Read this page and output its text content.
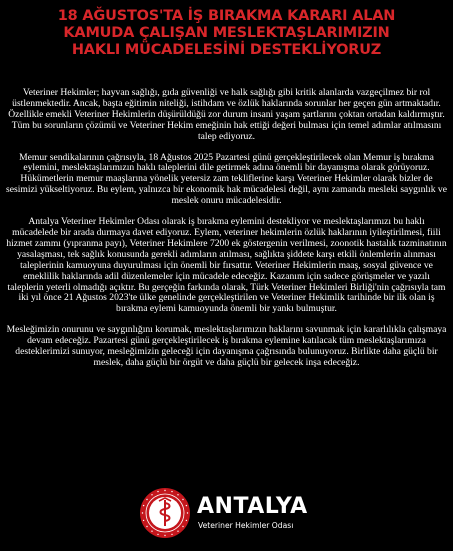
18 AĞUSTOS'TA İŞ BIRAKMA KARARI ALAN
KAMUDA ÇALIŞAN MESLEKTAŞLARIMIZIN
HAKLI MÜCADELESİNİ DESTEKLİYORUZ

Veteriner Hekimler; hayvan sağlığı, gıda güvenliği ve halk sağlığı gibi kritik alanlarda vazgeçilmez bir rol üstlenmektedir. Ancak, başta eğitimin niteliği, istihdam ve özlük haklarında sorunlar her geçen gün artmaktadır. Özellikle emekli Veteriner Hekimlerin düşürüldüğü zor durum insani yaşam şartlarını çoktan ortadan kaldırmıştır. Tüm bu sorunların çözümü ve Veteriner Hekim emeğinin hak ettiği değeri bulması için temel adımlar atılmasını talep ediyoruz.

Memur sendikalarının çağrısıyla, 18 Ağustos 2025 Pazartesi günü gerçekleştirilecek olan Memur iş bırakma eylemini, meslektaşlarımızın haklı taleplerini dile getirmek adına önemli bir dayanışma olarak görüyoruz. Hükümetlerin memur maaşlarına yönelik yetersiz zam tekliflerine karşı Veteriner Hekimler olarak bizler de sesimizi yükseltiyoruz. Bu eylem, yalnızca bir ekonomik hak mücadelesi değil, aynı zamanda mesleki saygınlık ve meslek onuru mücadelesidir.

Antalya Veteriner Hekimler Odası olarak iş bırakma eylemini destekliyor ve meslektaşlarımızı bu haklı mücadelede bir arada durmaya davet ediyoruz. Eylem, veteriner hekimlerin özlük haklarının iyileştirilmesi, fiili hizmet zammı (yıpranma payı), Veteriner Hekimlere 7200 ek göstergenin verilmesi, zoonotik hastalık tazminatının yasalaşması, tek sağlık konusunda gerekli adımların atılması, sağlıkta şiddete karşı etkili önlemlerin alınması taleplerinin kamuoyuna duyurulması için önemli bir fırsattır. Veteriner Hekimlerin maaş, sosyal güvence ve emeklilik haklarında adil düzenlemeler için mücadele edeceğiz. Kazanım için sadece görüşmeler ve yazılı taleplerin yeterli olmadığı açıktır. Bu gerçeğin farkında olarak, Türk Veteriner Hekimleri Birliği'nin çağrısıyla tam iki yıl önce 21 Ağustos 2023'te ülke genelinde gerçekleştirilen ve Veteriner Hekimlik tarihinde bir ilk olan iş bırakma eylemi kamuoyunda önemli bir yankı bulmuştur.

Mesleğimizin onurunu ve saygınlığını korumak, meslektaşlarımızın haklarını savunmak için kararlılıkla çalışmaya devam edeceğiz. Pazartesi günü gerçekleştirilecek iş bırakma eylemine katılacak tüm meslektaşlarımıza desteklerimizi sunuyor, mesleğimizin geleceği için dayanışma çağrısında bulunuyoruz. Birlikte daha güçlü bir meslek, daha güçlü bir örgüt ve daha güçlü bir gelecek inşa edeceğiz.

ANTALYA
Veteriner Hekimler Odası
